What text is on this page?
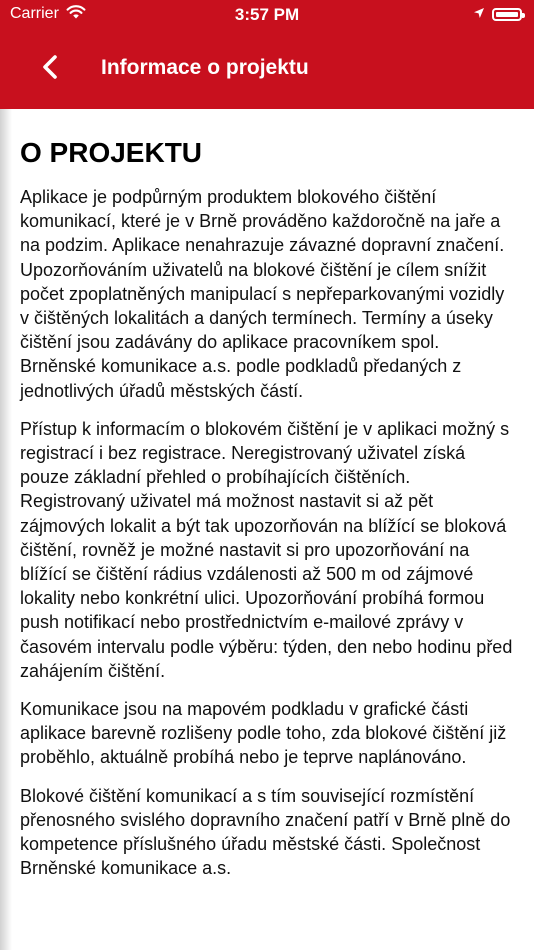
Carrier	3:57 PM
Informace o projektu
O PROJEKTU

Aplikace je podpůrným produktem blokového čištění komunikací, které je v Brně prováděno každoročně na jaře a na podzim. Aplikace nenahrazuje závazné dopravní značení. Upozorňováním uživatelů na blokové čištění je cílem snížit počet zpoplatněných manipulací s nepřeparkovanými vozidly v čištěných lokalitách a daných termínech. Termíny a úseky čištění jsou zadávány do aplikace pracovníkem spol. Brněnské komunikace a.s. podle podkladů předaných z jednotlivých úřadů městských částí.

Přístup k informacím o blokovém čištění je v aplikaci možný s registrací i bez registrace. Neregistrovaný uživatel získá pouze základní přehled o probíhajících čištěních. Registrovaný uživatel má možnost nastavit si až pět zájmových lokalit a být tak upozorňován na blížící se bloková čištění, rovněž je možné nastavit si pro upozorňování na blížící se čištění rádius vzdálenosti až 500 m od zájmové lokality nebo konkrétní ulici. Upozorňování probíhá formou push notifikací nebo prostřednictvím e-mailové zprávy v časovém intervalu podle výběru: týden, den nebo hodinu před zahájením čištění.

Komunikace jsou na mapovém podkladu v grafické části aplikace barevně rozlišeny podle toho, zda blokové čištění již proběhlo, aktuálně probíhá nebo je teprve naplánováno.

Blokové čištění komunikací a s tím související rozmístění přenosného svislého dopravního značení patří v Brně plně do kompetence příslušného úřadu městské části. Společnost Brněnské komunikace a.s.
